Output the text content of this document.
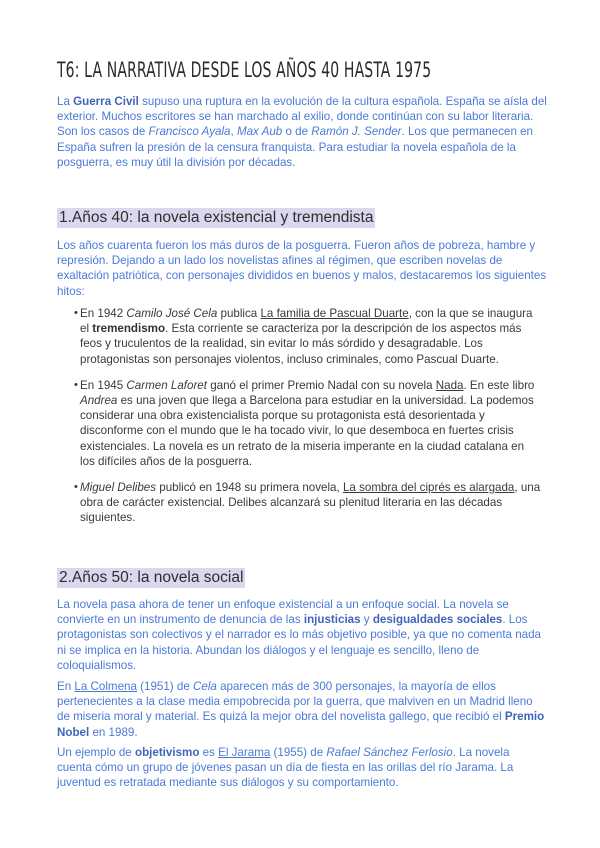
T6: LA NARRATIVA DESDE LOS AÑOS 40 HASTA 1975

La Guerra Civil supuso una ruptura en la evolución de la cultura española. España se aísla del exterior. Muchos escritores se han marchado al exilio, donde continúan con su labor literaria. Son los casos de Francisco Ayala, Max Aub o de Ramón J. Sender. Los que permanecen en España sufren la presión de la censura franquista. Para estudiar la novela española de la posguerra, es muy útil la división por décadas.

1.Años 40: la novela existencial y tremendista

Los años cuarenta fueron los más duros de la posguerra. Fueron años de pobreza, hambre y represión. Dejando a un lado los novelistas afines al régimen, que escriben novelas de exaltación patriótica, con personajes divididos en buenos y malos, destacaremos los siguientes hitos:

• En 1942 Camilo José Cela publica La familia de Pascual Duarte, con la que se inaugura el tremendismo. Esta corriente se caracteriza por la descripción de los aspectos más feos y truculentos de la realidad, sin evitar lo más sórdido y desagradable. Los protagonistas son personajes violentos, incluso criminales, como Pascual Duarte.
• En 1945 Carmen Laforet ganó el primer Premio Nadal con su novela Nada. En este libro Andrea es una joven que llega a Barcelona para estudiar en la universidad. La podemos considerar una obra existencialista porque su protagonista está desorientada y disconforme con el mundo que le ha tocado vivir, lo que desemboca en fuertes crisis existenciales. La novela es un retrato de la miseria imperante en la ciudad catalana en los difíciles años de la posguerra.
• Miguel Delibes publicó en 1948 su primera novela, La sombra del ciprés es alargada, una obra de carácter existencial. Delibes alcanzará su plenitud literaria en las décadas siguientes.
2.Años 50: la novela social

La novela pasa ahora de tener un enfoque existencial a un enfoque social. La novela se convierte en un instrumento de denuncia de las injusticias y desigualdades sociales. Los protagonistas son colectivos y el narrador es lo más objetivo posible, ya que no comenta nada ni se implica en la historia. Abundan los diálogos y el lenguaje es sencillo, lleno de coloquialismos.

En La Colmena (1951) de Cela aparecen más de 300 personajes, la mayoría de ellos pertenecientes a la clase media empobrecida por la guerra, que malviven en un Madrid lleno de miseria moral y material. Es quizá la mejor obra del novelista gallego, que recibió el Premio Nobel en 1989.

Un ejemplo de objetivismo es El Jarama (1955) de Rafael Sánchez Ferlosio. La novela cuenta cómo un grupo de jóvenes pasan un día de fiesta en las orillas del río Jarama. La juventud es retratada mediante sus diálogos y su comportamiento.
